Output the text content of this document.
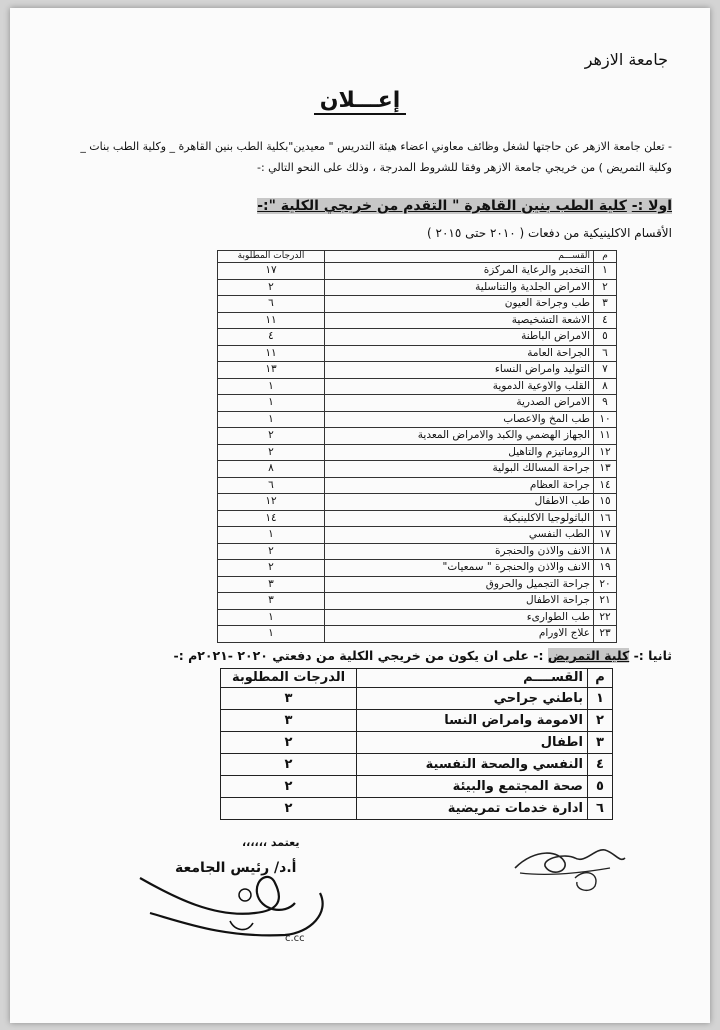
جامعة الازهر
إعـــلان
- تعلن جامعة الازهر عن حاجتها لشغل وظائف معاوني اعضاء هيئة التدريس " معيدين"بكلية الطب بنين القاهرة _ وكلية الطب بنات _
وكلية التمريض ) من خريجي جامعة الازهر وفقا للشروط المدرجة ، وذلك على النحو التالي :-
اولا :- كلية الطب بنين القاهرة " التقدم من خريجي الكلية ":-
الأقسام الاكلينيكية من دفعات ( ٢٠١٠ حتى ٢٠١٥ )
م	القســـم	الدرجات المطلوبة
١	التخدير والرعاية المركزة	١٧
٢	الامراض الجلدية والتناسلية	٢
٣	طب وجراحة العيون	٦
٤	الاشعة التشخيصية	١١
٥	الامراض الباطنة	٤
٦	الجراحة العامة	١١
٧	التوليد وامراض النساء	١٣
٨	القلب والاوعية الدموية	١
٩	الامراض الصدرية	١
١٠	طب المخ والاعصاب	١
١١	الجهاز الهضمي والكبد والامراض المعدية	٢
١٢	الروماتيزم والتاهيل	٢
١٣	جراحة المسالك البولية	٨
١٤	جراحة العظام	٦
١٥	طب الاطفال	١٢
١٦	الباثولوجيا الاكلينيكية	١٤
١٧	الطب النفسي	١
١٨	الانف والاذن والحنجرة	٢
١٩	الانف والاذن والحنجرة " سمعيات"	٢
٢٠	جراحة التجميل والحروق	٣
٢١	جراحة الاطفال	٣
٢٢	طب الطوارىء	١
٢٣	علاج الاورام	١
ثانيا :- كلية التمريض :- على ان يكون من خريجي الكلية من دفعتي ٢٠٢٠ -٢٠٢١م :-
م	القســــم	الدرجات المطلوبة
١	باطني جراحي	٣
٢	الامومة وامراض النسا	٣
٣	اطفال	٢
٤	النفسي والصحة النفسية	٢
٥	صحة المجتمع والبيئة	٢
٦	ادارة خدمات تمريضية	٢
يعتمد ،،،،،،
أ.د/ رئيس الجامعة
c.cc
